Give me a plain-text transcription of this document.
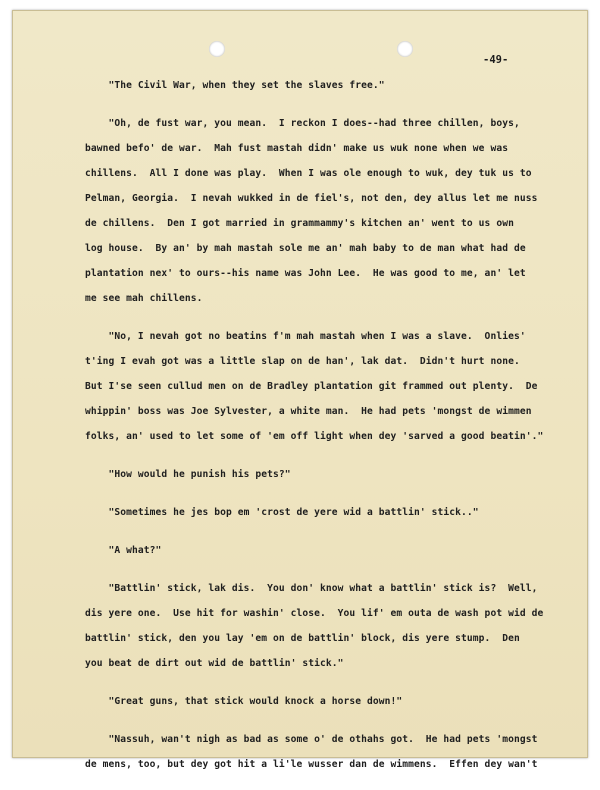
-49-

"The Civil War, when they set the slaves free."

"Oh, de fust war, you mean.  I reckon I does--had three chillen, boys,
bawned befo' de war.  Mah fust mastah didn' make us wuk none when we was
chillens.  All I done was play.  When I was ole enough to wuk, dey tuk us to
Pelman, Georgia.  I nevah wukked in de fiel's, not den, dey allus let me nuss
de chillens.  Den I got married in grammammy's kitchen an' went to us own
log house.  By an' by mah mastah sole me an' mah baby to de man what had de
plantation nex' to ours--his name was John Lee.  He was good to me, an' let
me see mah chillens.

"No, I nevah got no beatins f'm mah mastah when I was a slave.  Onlies'
t'ing I evah got was a little slap on de han', lak dat.  Didn't hurt none.
But I'se seen cullud men on de Bradley plantation git frammed out plenty.  De
whippin' boss was Joe Sylvester, a white man.  He had pets 'mongst de wimmen
folks, an' used to let some of 'em off light when dey 'sarved a good beatin'."

"How would he punish his pets?"

"Sometimes he jes bop em 'crost de yere wid a battlin' stick.."

"A what?"

"Battlin' stick, lak dis.  You don' know what a battlin' stick is?  Well,
dis yere one.  Use hit for washin' close.  You lif' em outa de wash pot wid de
battlin' stick, den you lay 'em on de battlin' block, dis yere stump.  Den
you beat de dirt out wid de battlin' stick."

"Great guns, that stick would knock a horse down!"

"Nassuh, wan't nigh as bad as some o' de othahs got.  He had pets 'mongst
de mens, too, but dey got hit a li'le wusser dan de wimmens.  Effen dey wan't
